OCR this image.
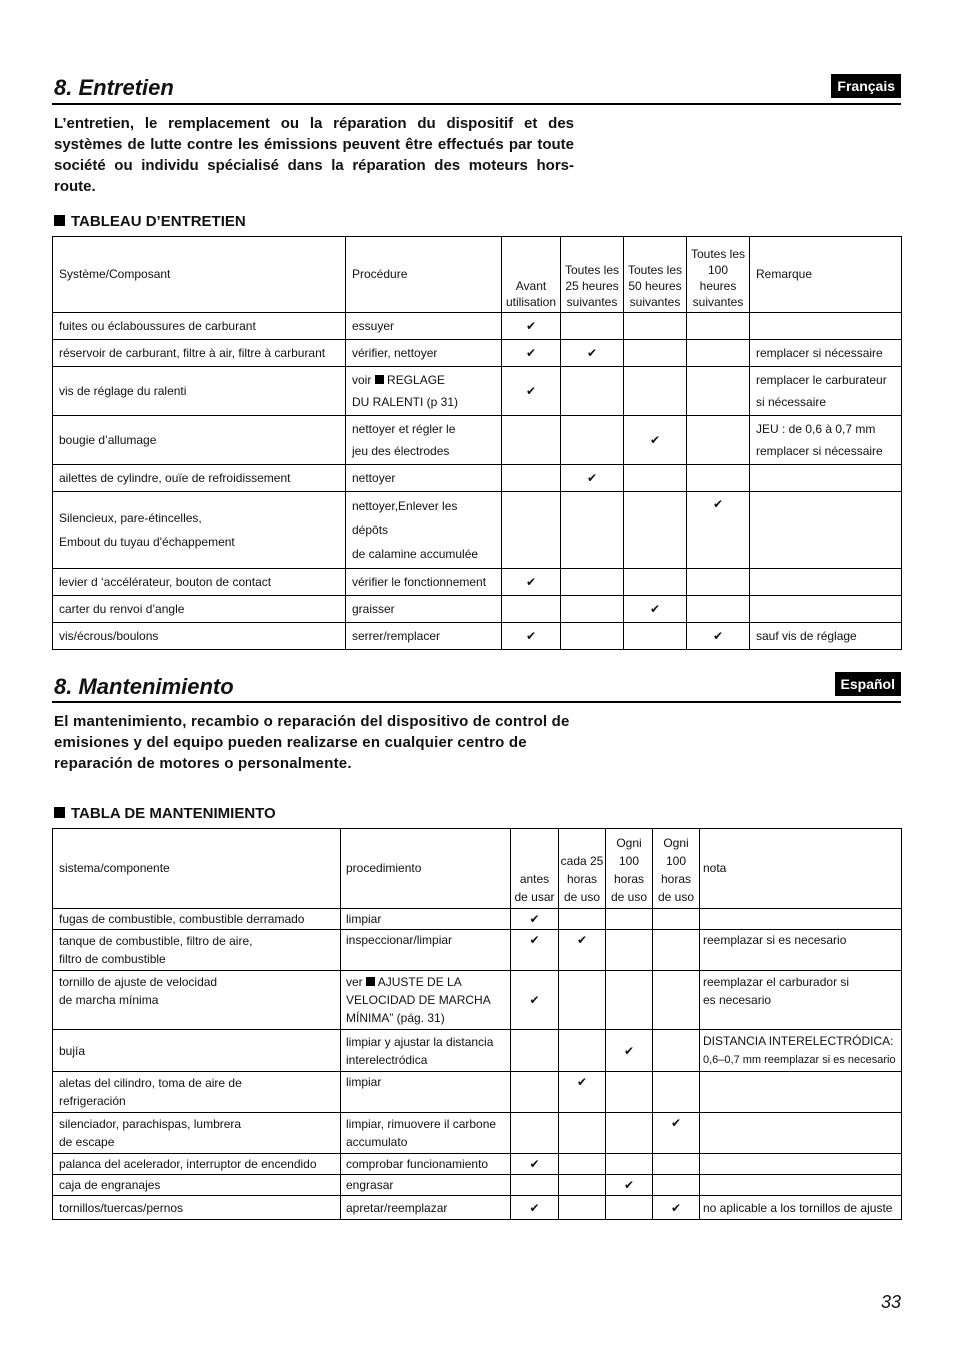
8. Entretien	Français

L’entretien, le remplacement ou la réparation du dispositif et des systèmes de lutte contre les émissions peuvent être effectués par toute société ou individu spécialisé dans la réparation des moteurs hors-route.

TABLEAU D’ENTRETIEN
Système/Composant	Procédure	Avant utilisation	Toutes les 25 heures suivantes	Toutes les 50 heures suivantes	Toutes les 100 heures suivantes	Remarque
fuites ou éclaboussures de carburant	essuyer	✔				
réservoir de carburant, filtre à air, filtre à carburant	vérifier, nettoyer	✔	✔			remplacer si nécessaire
vis de réglage du ralenti	voir REGLAGE
DU RALENTI (p 31)	✔				remplacer le carburateur
si nécessaire
bougie d’allumage	nettoyer et régler le
jeu des électrodes			✔		JEU : de 0,6 à 0,7 mm
remplacer si nécessaire
ailettes de cylindre, ouïe de refroidissement	nettoyer		✔			
Silencieux, pare-étincelles,
Embout du tuyau d'échappement	nettoyer,Enlever les dépôts
de calamine accumulée				✔	
levier d ‘accélérateur, bouton de contact	vérifier le fonctionnement	✔				
carter du renvoi d’angle	graisser			✔		
vis/écrous/boulons	serrer/remplacer	✔			✔	sauf vis de réglage
8. Mantenimiento	Español

El mantenimiento, recambio o reparación del dispositivo de control de emisiones y del equipo pueden realizarse en cualquier centro de reparación de motores o personalmente.

TABLA DE MANTENIMIENTO
sistema/componente	procedimiento	antes de usar	cada 25 horas de uso	Ogni 100 horas de uso	Ogni 100 horas de uso	nota
fugas de combustible, combustible derramado	limpiar	✔				
tanque de combustible, filtro de aire,
filtro de combustible	inspeccionar/limpiar	✔	✔			reemplazar si es necesario
tornillo de ajuste de velocidad
de marcha mínima	ver AJUSTE DE LA
VELOCIDAD DE MARCHA
MÍNIMA” (pág. 31)	✔				reemplazar el carburador si
es necesario
bujía	limpiar y ajustar la distancia
interelectródica			✔		DISTANCIA INTERELECTRÓDICA:
0,6–0,7 mm reemplazar si es necesario
aletas del cilindro, toma de aire de
refrigeración	limpiar		✔			
silenciador, parachispas, lumbrera
de escape	limpiar, rimuovere il carbone
accumulato				✔	
palanca del acelerador, interruptor de encendido	comprobar funcionamiento	✔				
caja de engranajes	engrasar			✔		
tornillos/tuercas/pernos	apretar/reemplazar	✔			✔	no aplicable a los tornillos de ajuste
33
